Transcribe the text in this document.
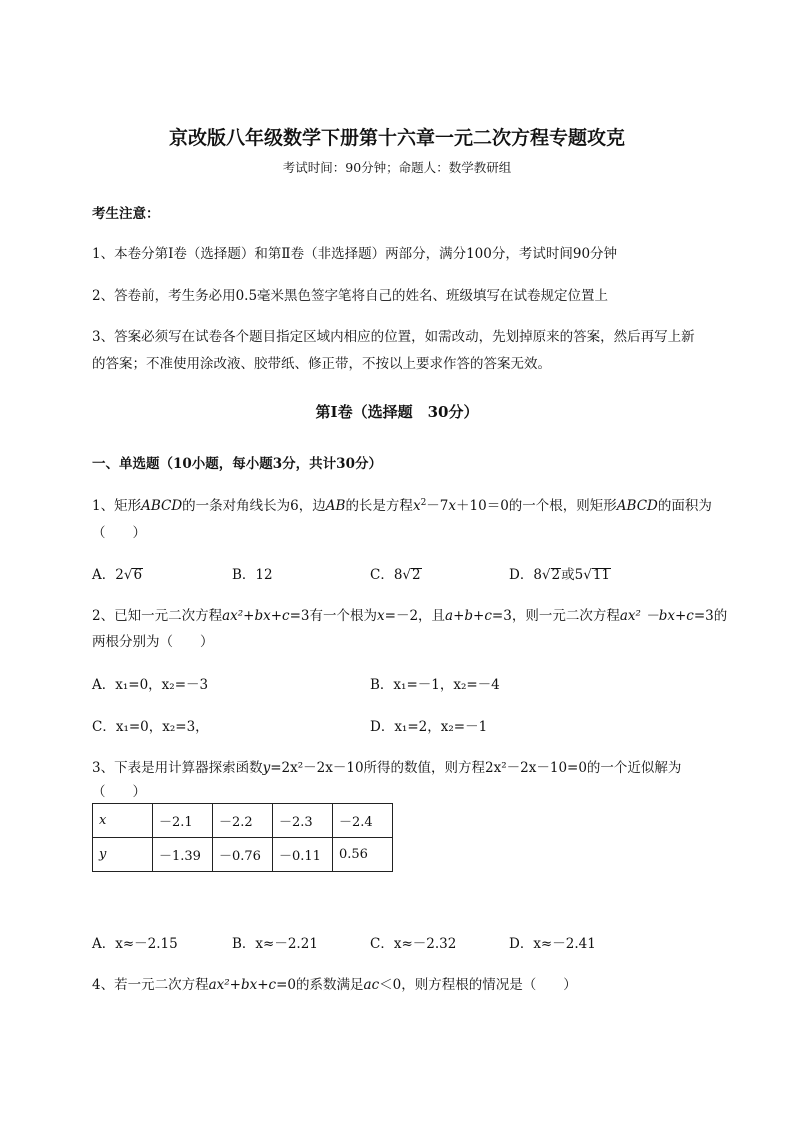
京改版八年级数学下册第十六章一元二次方程专题攻克
考试时间：90分钟；命题人：数学教研组
考生注意：
1、本卷分第I卷（选择题）和第Ⅱ卷（非选择题）两部分，满分100分，考试时间90分钟
2、答卷前，考生务必用0.5毫米黑色签字笔将自己的姓名、班级填写在试卷规定位置上
3、答案必须写在试卷各个题目指定区域内相应的位置，如需改动，先划掉原来的答案，然后再写上新
的答案；不准使用涂改液、胶带纸、修正带，不按以上要求作答的答案无效。
第I卷（选择题　30分）
一、单选题（10小题，每小题3分，共计30分）
1、矩形ABCD的一条对角线长为6，边AB的长是方程$x^2-7x+10=0$的一个根，则矩形ABCD的面积为
（　　）
A．2√6	B．12	C．8√2	D．8√2或5√11
2、已知一元二次方程ax²+bx+c=3有一个根为x=－2，且a+b+c=3，则一元二次方程ax² －bx+c=3的
两根分别为（　　）
A．x₁=0，x₂=－3	B．x₁=－1，x₂=－4
C．x₁=0，x₂=3，	D．x₁=2，x₂=－1
3、下表是用计算器探索函数y=2x²－2x－10所得的数值，则方程2x²－2x－10=0的一个近似解为
（　　）
x	－2.1	－2.2	－2.3	－2.4
y	－1.39	－0.76	－0.11	0.56
A．x≈－2.15	B．x≈－2.21	C．x≈－2.32	D．x≈－2.41
4、若一元二次方程ax²+bx+c=0的系数满足ac＜0，则方程根的情况是（　　）
